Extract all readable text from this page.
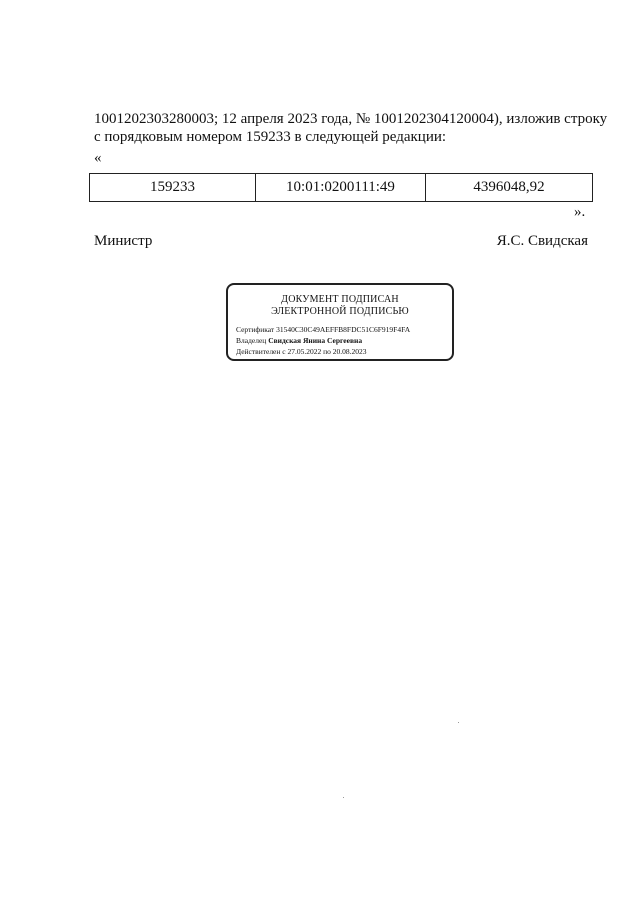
1001202303280003; 12 апреля 2023 года, № 1001202304120004), изложив строку
с порядковым номером 159233 в следующей редакции:
«
159233	10:01:0200111:49	4396048,92
».
Министр	Я.С. Свидская
ДОКУМЕНТ ПОДПИСАН
ЭЛЕКТРОННОЙ ПОДПИСЬЮ
Сертификат 31540C30C49AEFFB8FDC51C6F919F4FA
Владелец Свидская Янина Сергеевна
Действителен с 27.05.2022 по 20.08.2023
